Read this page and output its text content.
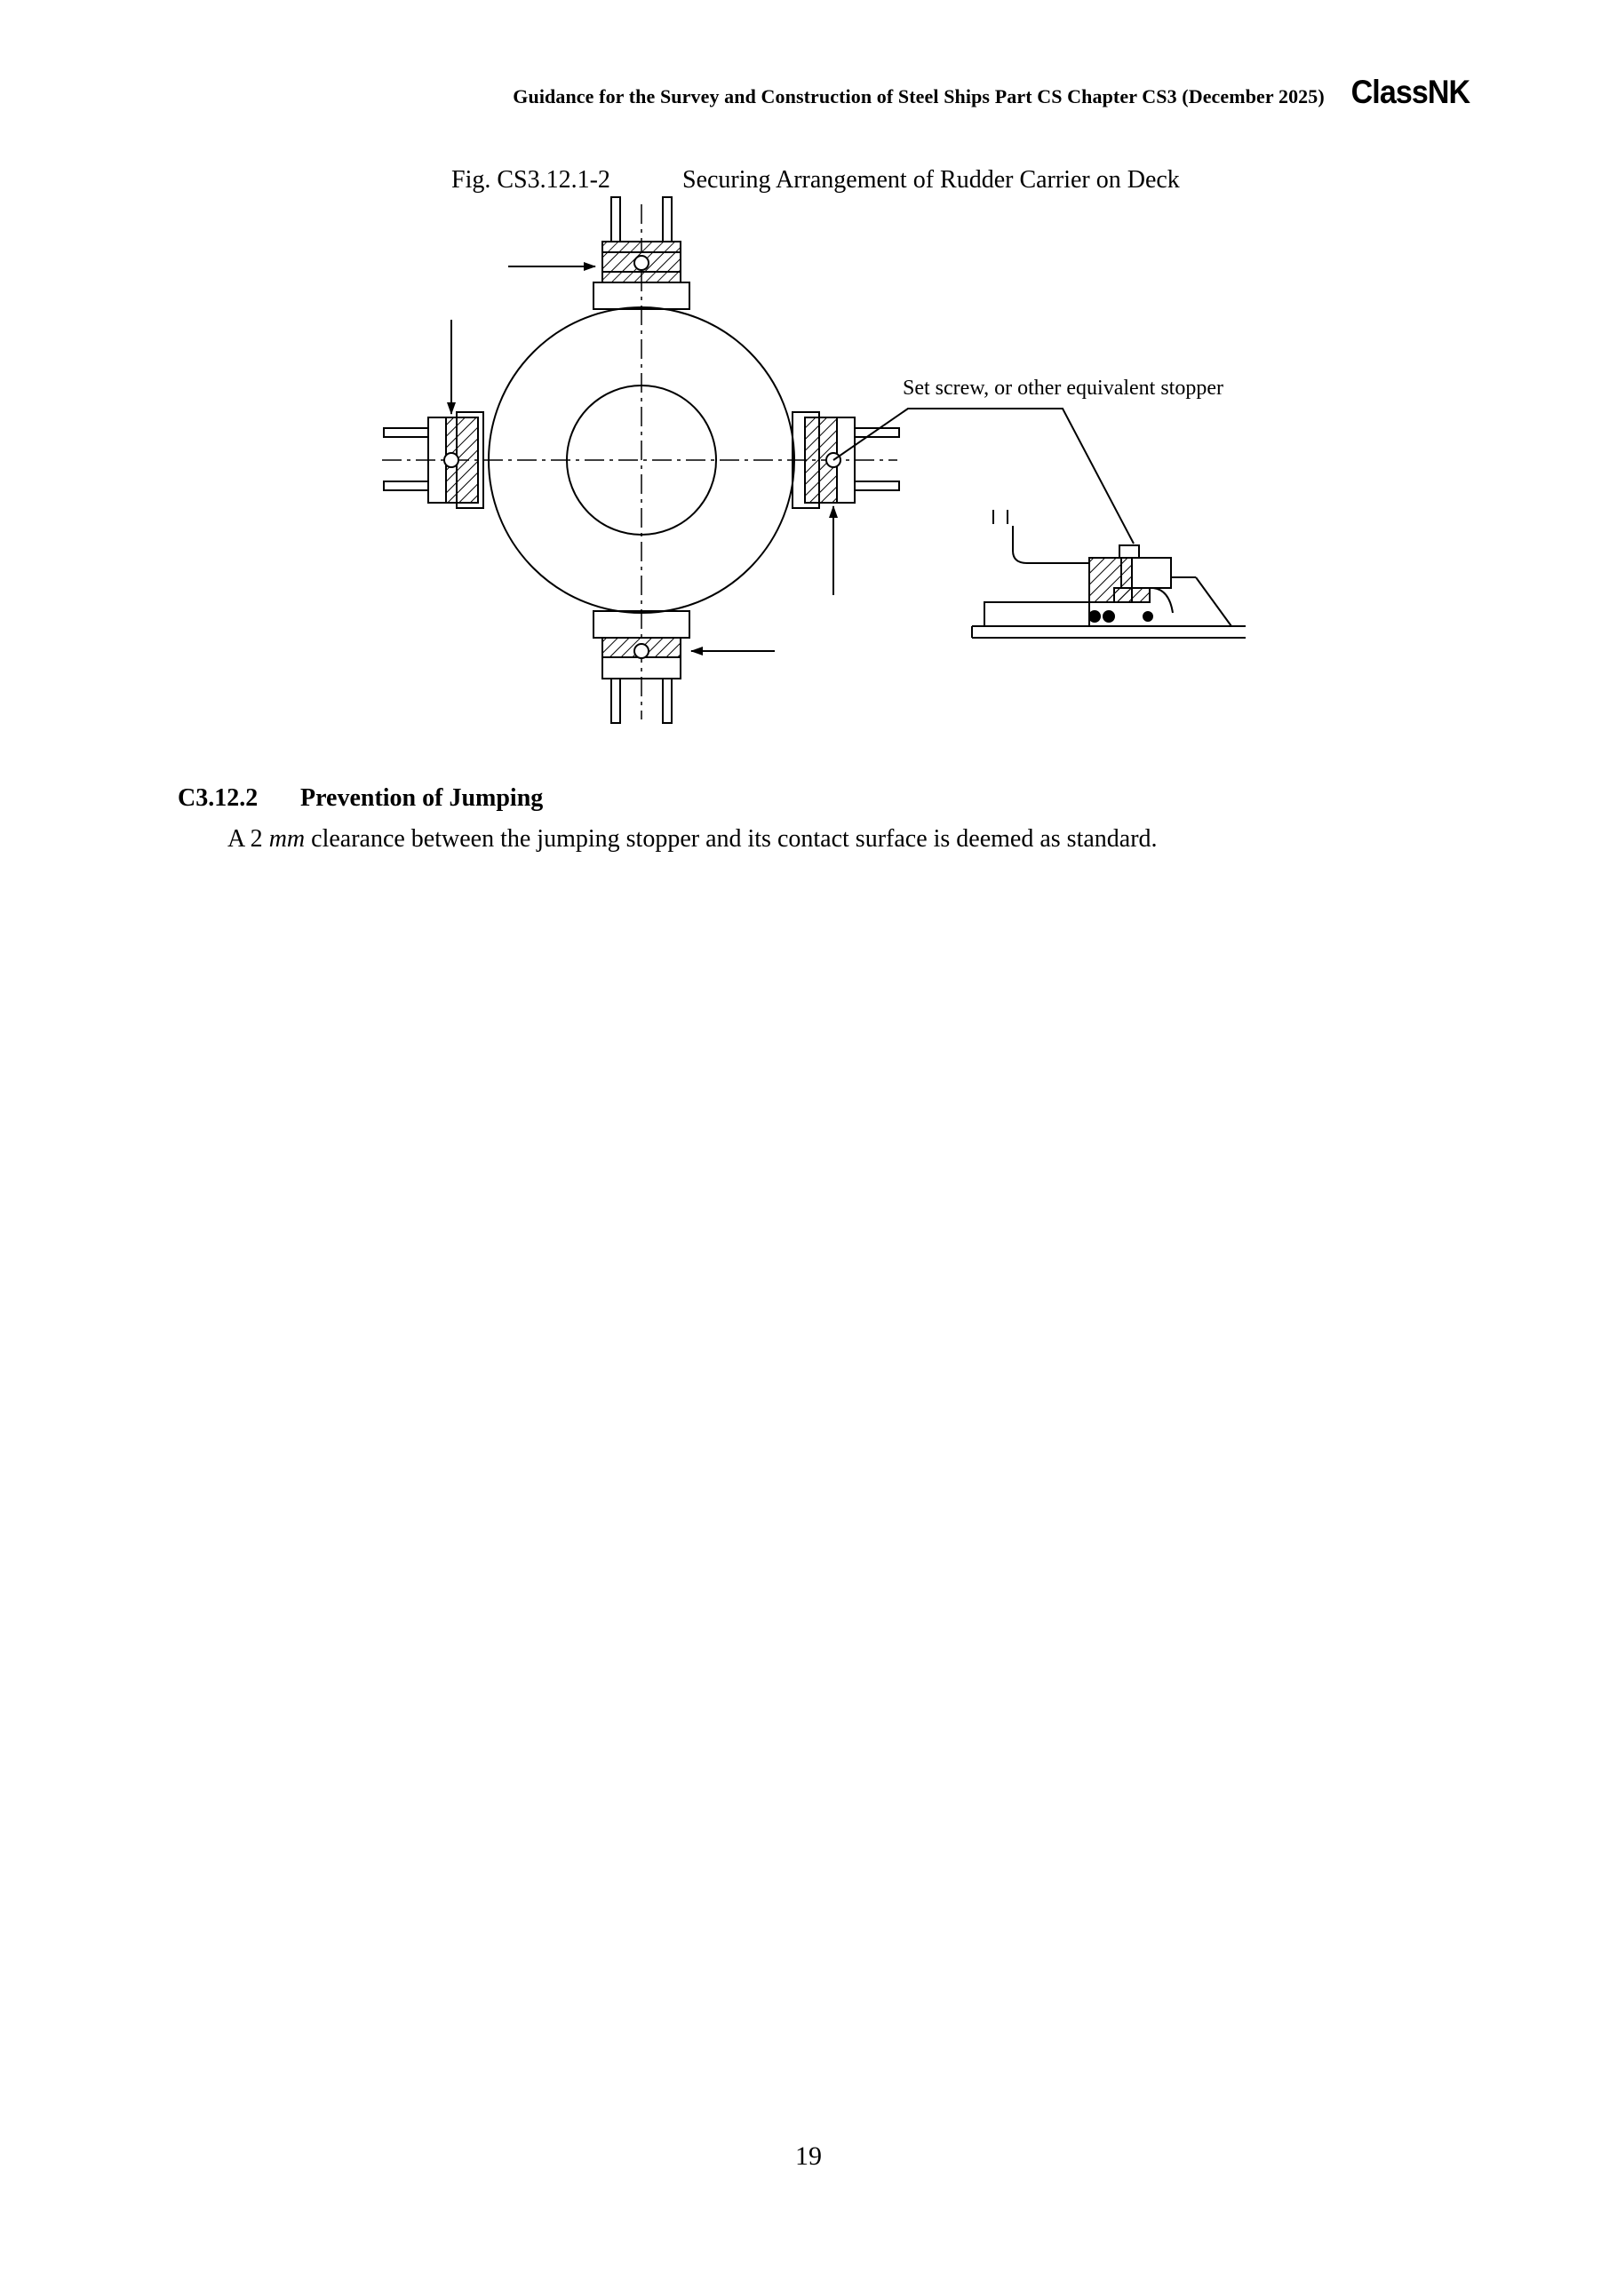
Guidance for the Survey and Construction of Steel Ships Part CS Chapter CS3 (December 2025) ClassNK
Fig. CS3.12.1-2	Securing Arrangement of Rudder Carrier on Deck
Set screw, or other equivalent stopper
C3.12.2	Prevention of Jumping
A 2 mm clearance between the jumping stopper and its contact surface is deemed as standard.
19
